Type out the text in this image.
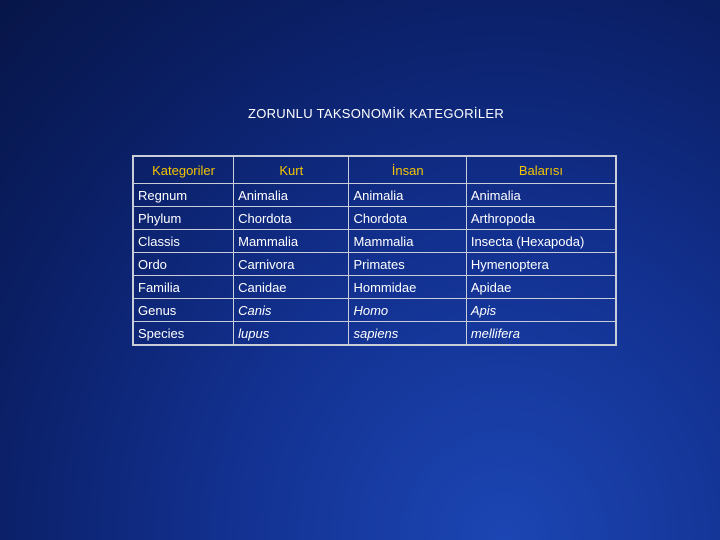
ZORUNLU TAKSONOMİK KATEGORİLER
Kategoriler	Kurt	İnsan	Balarısı
Regnum	Animalia	Animalia	Animalia
Phylum	Chordota	Chordota	Arthropoda
Classis	Mammalia	Mammalia	Insecta (Hexapoda)
Ordo	Carnivora	Primates	Hymenoptera
Familia	Canidae	Hommidae	Apidae
Genus	Canis	Homo	Apis
Species	lupus	sapiens	mellifera
